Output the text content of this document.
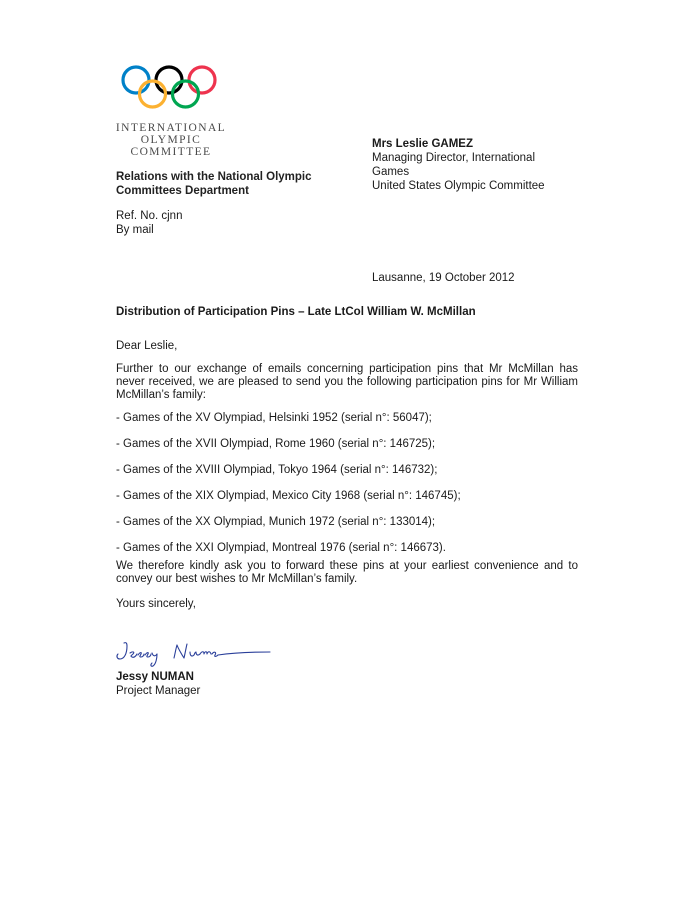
INTERNATIONAL
OLYMPIC
COMMITTEE
Relations with the National Olympic
Committees Department
Mrs Leslie GAMEZ
Managing Director, International
Games
United States Olympic Committee
Ref. No. cjnn
By mail
Lausanne, 19 October 2012
Distribution of Participation Pins – Late LtCol William W. McMillan
Dear Leslie,
Further to our exchange of emails concerning participation pins that Mr McMillan has never received, we are pleased to send you the following participation pins for Mr William McMillan’s family:
- Games of the XV Olympiad, Helsinki 1952 (serial n°: 56047);
- Games of the XVII Olympiad, Rome 1960 (serial n°: 146725);
- Games of the XVIII Olympiad, Tokyo 1964 (serial n°: 146732);
- Games of the XIX Olympiad, Mexico City 1968 (serial n°: 146745);
- Games of the XX Olympiad, Munich 1972 (serial n°: 133014);
- Games of the XXI Olympiad, Montreal 1976 (serial n°: 146673).
We therefore kindly ask you to forward these pins at your earliest convenience and to convey our best wishes to Mr McMillan’s family.
Yours sincerely,
Jessy NUMAN
Project Manager
